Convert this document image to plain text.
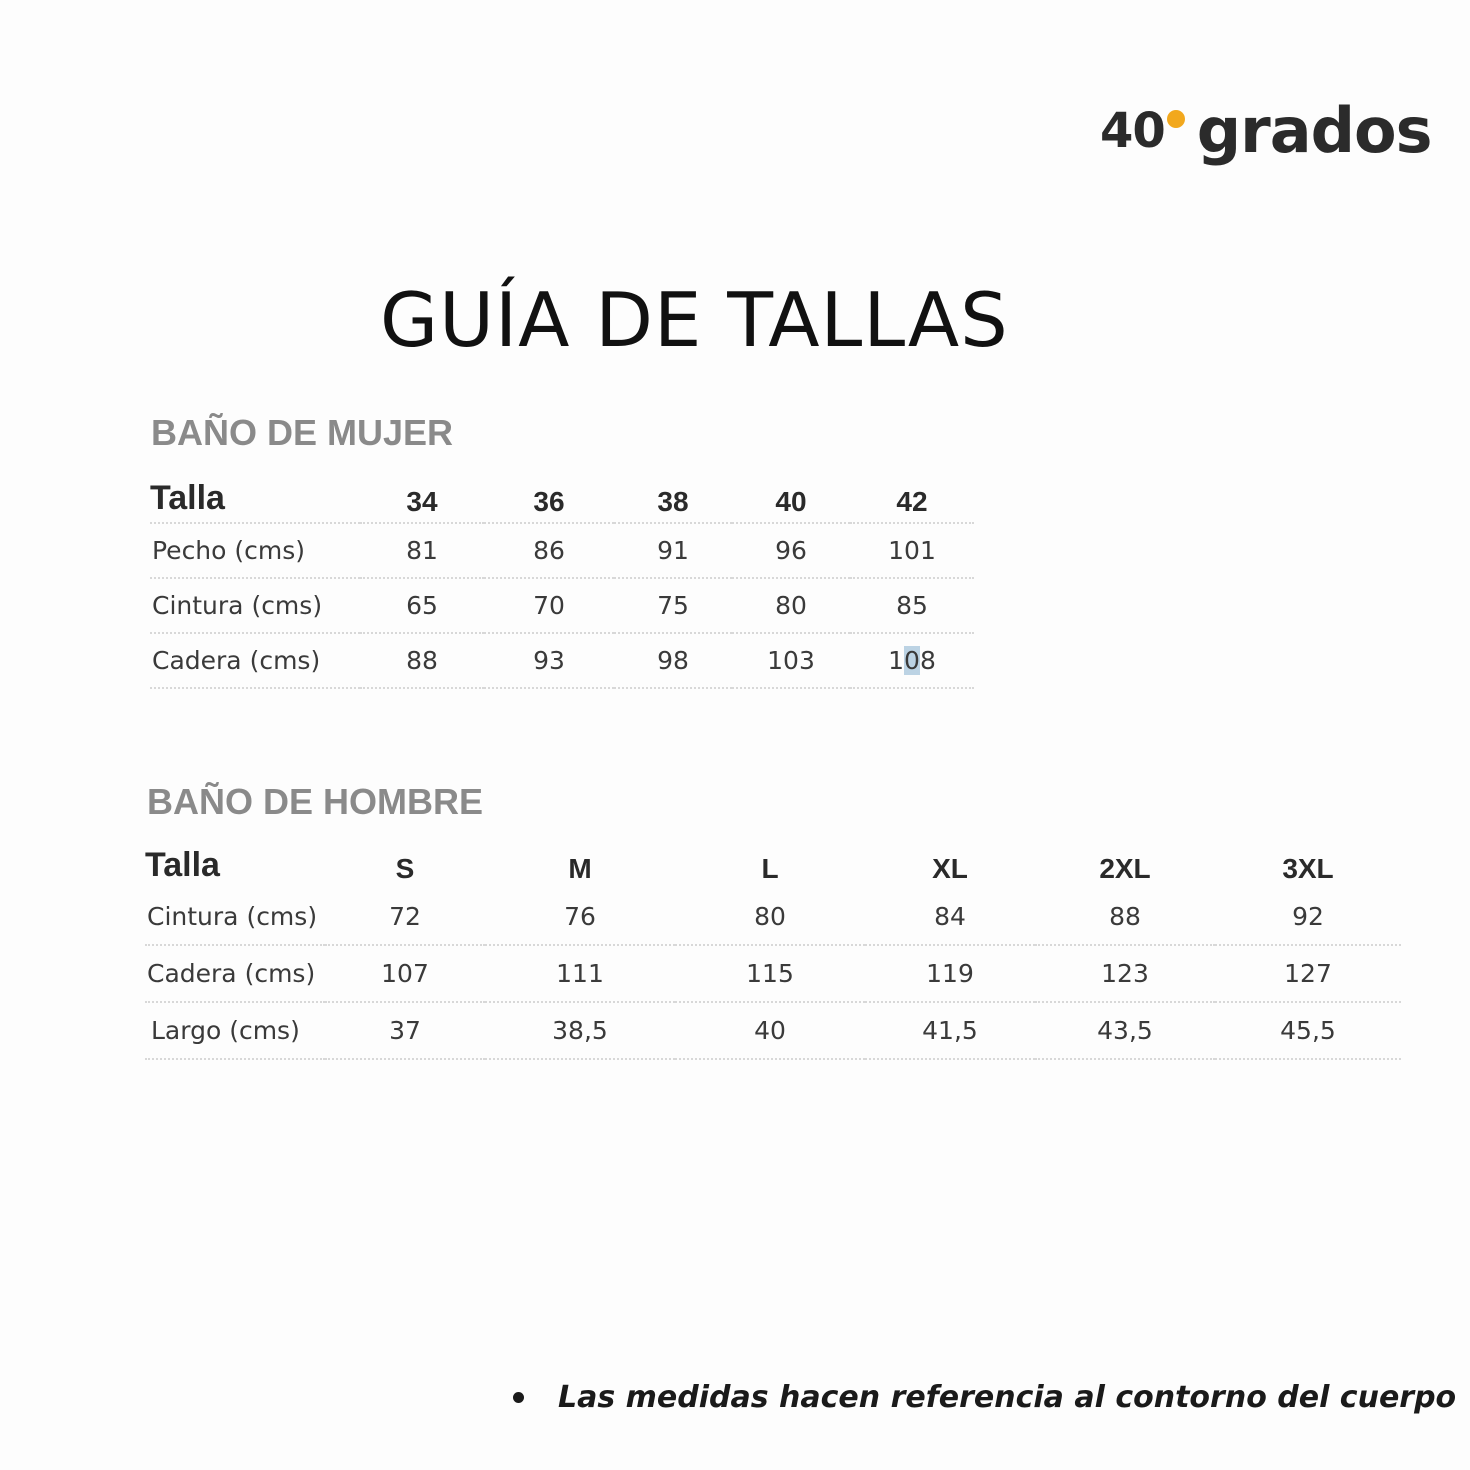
40 grados
GUÍA DE TALLAS
BAÑO DE MUJER
Talla	34	36	38	40	42
Pecho (cms)	81	86	91	96	101
Cintura (cms)	65	70	75	80	85
Cadera (cms)	88	93	98	103	108
BAÑO DE HOMBRE
Talla	S	M	L	XL	2XL	3XL
Cintura (cms)	72	76	80	84	88	92
Cadera (cms)	107	111	115	119	123	127
Largo (cms)	37	38,5	40	41,5	43,5	45,5
Las medidas hacen referencia al contorno del cuerpo
